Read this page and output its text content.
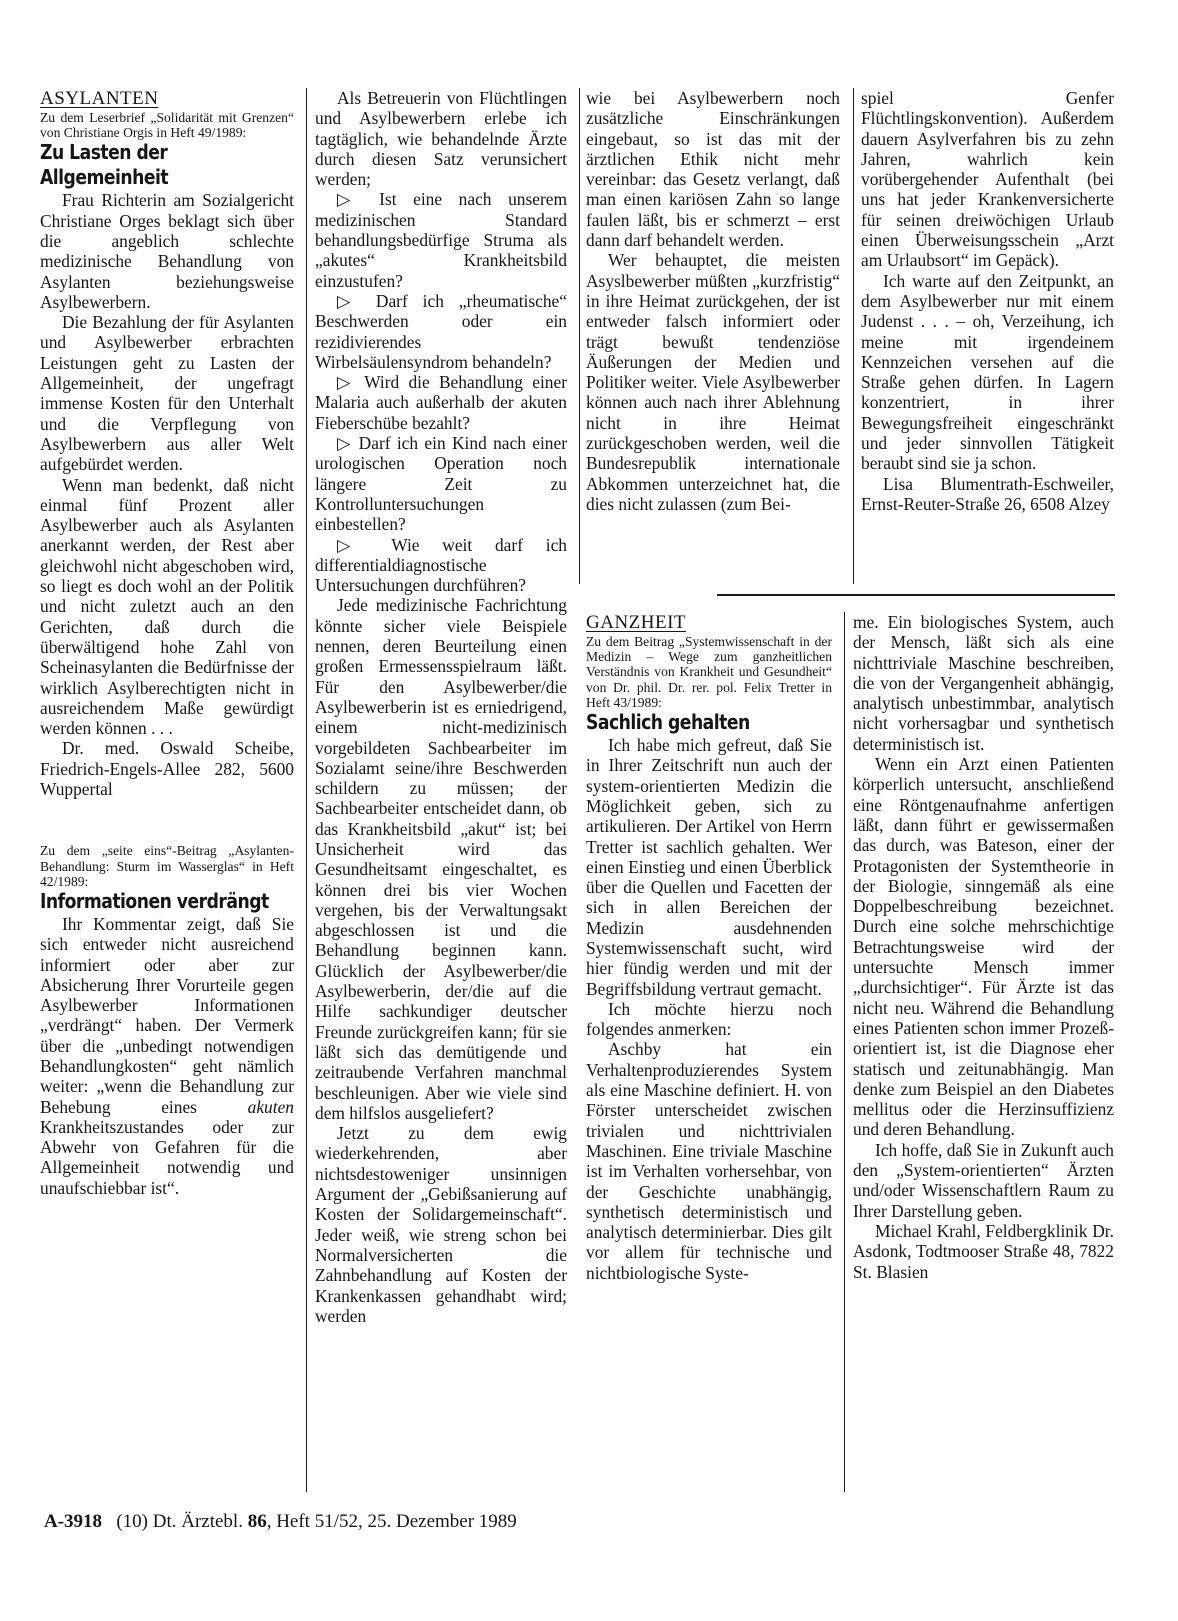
ASYLANTEN

Zu dem Leserbrief „Solidarität mit Grenzen“ von Christiane Orgis in Heft 49/1989:

Zu Lasten der

Allgemeinheit

Frau Richterin am Sozialgericht Christiane Orges beklagt sich über die angeblich schlechte medizinische Behandlung von Asylanten beziehungsweise Asylbewerbern.

Die Bezahlung der für Asylanten und Asylbewerber erbrachten Leistungen geht zu Lasten der Allgemeinheit, der ungefragt immense Kosten für den Unterhalt und die Verpflegung von Asylbewerbern aus aller Welt aufgebürdet werden.

Wenn man bedenkt, daß nicht einmal fünf Prozent aller Asylbewerber auch als Asylanten anerkannt werden, der Rest aber gleichwohl nicht abgeschoben wird, so liegt es doch wohl an der Politik und nicht zuletzt auch an den Gerichten, daß durch die überwältigend hohe Zahl von Scheinasylanten die Bedürfnisse der wirklich Asylberechtigten nicht in ausreichendem Maße gewürdigt werden können . . .

Dr. med. Oswald Scheibe, Friedrich-Engels-Allee 282, 5600 Wuppertal

Zu dem „seite eins“-Beitrag „Asylanten-Behandlung: Sturm im Wasserglas“ in Heft 42/1989:

Informationen verdrängt

Ihr Kommentar zeigt, daß Sie sich entweder nicht ausreichend informiert oder aber zur Absicherung Ihrer Vorurteile gegen Asylbewerber Informationen „verdrängt“ haben. Der Vermerk über die „unbedingt notwendigen Behandlungkosten“ geht nämlich weiter: „wenn die Behandlung zur Behebung eines	akuten Krankheitszustandes oder zur Abwehr von Gefahren für die Allgemeinheit notwendig und unaufschiebbar ist“.

Als Betreuerin von Flüchtlingen und Asylbewerbern erlebe ich tagtäglich, wie behandelnde Ärzte durch diesen Satz verunsichert werden;

▷ Ist eine nach unserem medizinischen Standard behandlungsbedürfige Struma als „akutes“ Krankheitsbild einzustufen?

▷ Darf ich „rheumatische“ Beschwerden oder ein rezidivierendes Wirbelsäulensyndrom behandeln?

▷ Wird die Behandlung einer Malaria auch außerhalb der akuten Fieberschübe bezahlt?

▷ Darf ich ein Kind nach einer urologischen Operation noch längere Zeit zu Kontrolluntersuchungen einbestellen?

▷ Wie weit darf ich differentialdiagnostische Untersuchungen durchführen?

Jede medizinische Fachrichtung könnte sicher viele Beispiele nennen, deren Beurteilung einen großen Ermessensspielraum läßt. Für den Asylbewerber/die Asylbewerberin ist es erniedrigend, einem nicht-medizinisch vorgebildeten Sachbearbeiter im Sozialamt seine/ihre Beschwerden schildern zu müssen; der Sachbearbeiter entscheidet dann, ob das Krankheitsbild „akut“ ist; bei Unsicherheit wird das Gesundheitsamt eingeschaltet, es können drei bis vier Wochen vergehen, bis der Verwaltungsakt abgeschlossen ist und die Behandlung beginnen kann. Glücklich der Asylbewerber/die Asylbewerberin, der/die auf die Hilfe sachkundiger deutscher Freunde zurückgreifen kann; für sie läßt sich das demütigende und zeitraubende Verfahren manchmal beschleunigen. Aber wie viele sind dem hilfslos ausgeliefert?

Jetzt zu dem ewig wiederkehrenden, aber nichtsdestoweniger unsinnigen Argument der „Gebißsanierung auf Kosten der Solidargemeinschaft“. Jeder weiß, wie streng schon bei Normalversicherten die Zahnbehandlung auf Kosten der Krankenkassen gehandhabt wird; werden

wie bei Asylbewerbern noch zusätzliche Einschränkungen eingebaut, so ist das mit der ärztlichen Ethik nicht mehr vereinbar: das Gesetz verlangt, daß man einen kariösen Zahn so lange faulen läßt, bis er schmerzt – erst dann darf behandelt werden.

Wer behauptet, die meisten Asyslbewerber müßten „kurzfristig“ in ihre Heimat zurückgehen, der ist entweder falsch informiert oder trägt bewußt tendenziöse Äußerungen der Medien und Politiker weiter. Viele Asylbewerber können auch nach ihrer Ablehnung nicht in ihre Heimat zurückgeschoben werden, weil die Bundesrepublik internationale Abkommen unterzeichnet hat, die dies nicht zulassen (zum Bei-

spiel Genfer Flüchtlingskonvention). Außerdem dauern Asylverfahren bis zu zehn Jahren, wahrlich kein vorübergehender Aufenthalt (bei uns hat jeder Krankenversicherte für seinen dreiwöchigen Urlaub einen Überweisungsschein „Arzt am Urlaubsort“ im Gepäck).

Ich warte auf den Zeitpunkt, an dem Asylbewerber nur mit einem Judenst . . . – oh, Verzeihung, ich meine mit irgendeinem Kennzeichen versehen auf die Straße gehen dürfen. In Lagern konzentriert, in ihrer Bewegungsfreiheit eingeschränkt und jeder sinnvollen Tätigkeit beraubt sind sie ja schon.

Lisa Blumentrath-Eschweiler, Ernst-Reuter-Straße 26, 6508 Alzey

GANZHEIT

Zu dem Beitrag „Systemwissenschaft in der Medizin – Wege zum ganzheitlichen Verständnis von Krankheit und Gesundheit“ von Dr. phil. Dr. rer. pol. Felix Tretter in Heft 43/1989:

Sachlich gehalten

Ich habe mich gefreut, daß Sie in Ihrer Zeitschrift nun auch der system-orientierten Medizin die Möglichkeit geben, sich zu artikulieren. Der Artikel von Herrn Tretter ist sachlich gehalten. Wer einen Einstieg und einen Überblick über die Quellen und Facetten der sich in allen Bereichen der Medizin ausdehnenden Systemwissenschaft sucht, wird hier fündig werden und mit der Begriffsbildung vertraut gemacht.

Ich möchte hierzu noch folgendes anmerken:

Aschby hat ein Verhaltenproduzierendes System als eine Maschine definiert. H. von Förster unterscheidet zwischen trivialen und nichttrivialen Maschinen. Eine triviale Maschine ist im Verhalten vorhersehbar, von der Geschichte unabhängig, synthetisch deterministisch und analytisch determinierbar. Dies gilt vor allem für technische und nichtbiologische Syste-

me. Ein biologisches System, auch der Mensch, läßt sich als eine nichttriviale Maschine beschreiben, die von der Vergangenheit abhängig, analytisch unbestimmbar, analytisch nicht vorhersagbar und synthetisch deterministisch ist.

Wenn ein Arzt einen Patienten körperlich untersucht, anschließend eine Röntgenaufnahme anfertigen läßt, dann führt er gewissermaßen das durch, was Bateson, einer der Protagonisten der Systemtheorie in der Biologie, sinngemäß als eine Doppelbeschreibung bezeichnet. Durch eine solche mehrschichtige Betrachtungsweise wird der untersuchte Mensch immer „durchsichtiger“. Für Ärzte ist das nicht neu. Während die Behandlung eines Patienten schon immer Prozeß-orientiert ist, ist die Diagnose eher statisch und zeitunabhängig. Man denke zum Beispiel an den Diabetes mellitus oder die Herzinsuffizienz und deren Behandlung.

Ich hoffe, daß Sie in Zukunft auch den „System-orientierten“ Ärzten und/oder Wissenschaftlern Raum zu Ihrer Darstellung geben.

Michael Krahl, Feldbergklinik Dr. Asdonk, Todtmooser Straße 48, 7822 St. Blasien

A-3918 (10) Dt. Ärztebl. 86, Heft 51/52, 25. Dezember 1989
